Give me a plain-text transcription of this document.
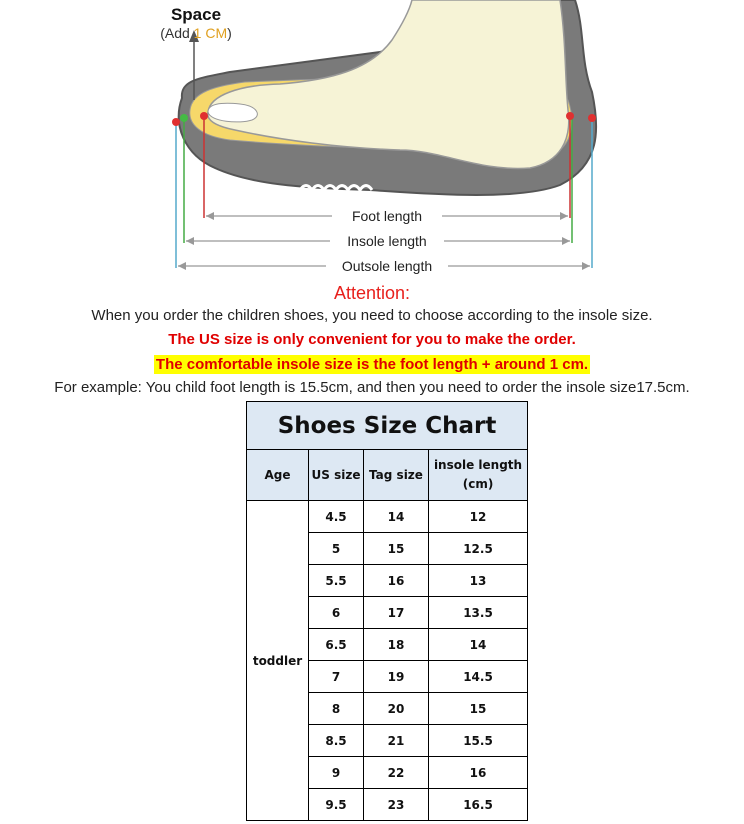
Space
(Add 1 CM)
Foot length
Insole length
Outsole length
Attention:
When you order the children shoes, you need to choose according to the insole size.
The US size is only convenient for you to make the order.
The comfortable insole size is the foot length + around 1 cm.
For example: You child foot length is 15.5cm, and then you need to order the insole size17.5cm.
Shoes Size Chart			
Age	US size	Tag size	insole length
(cm)
toddler	4.5	14	12
	5	15	12.5
	5.5	16	13
	6	17	13.5
	6.5	18	14
	7	19	14.5
	8	20	15
	8.5	21	15.5
	9	22	16
	9.5	23	16.5
